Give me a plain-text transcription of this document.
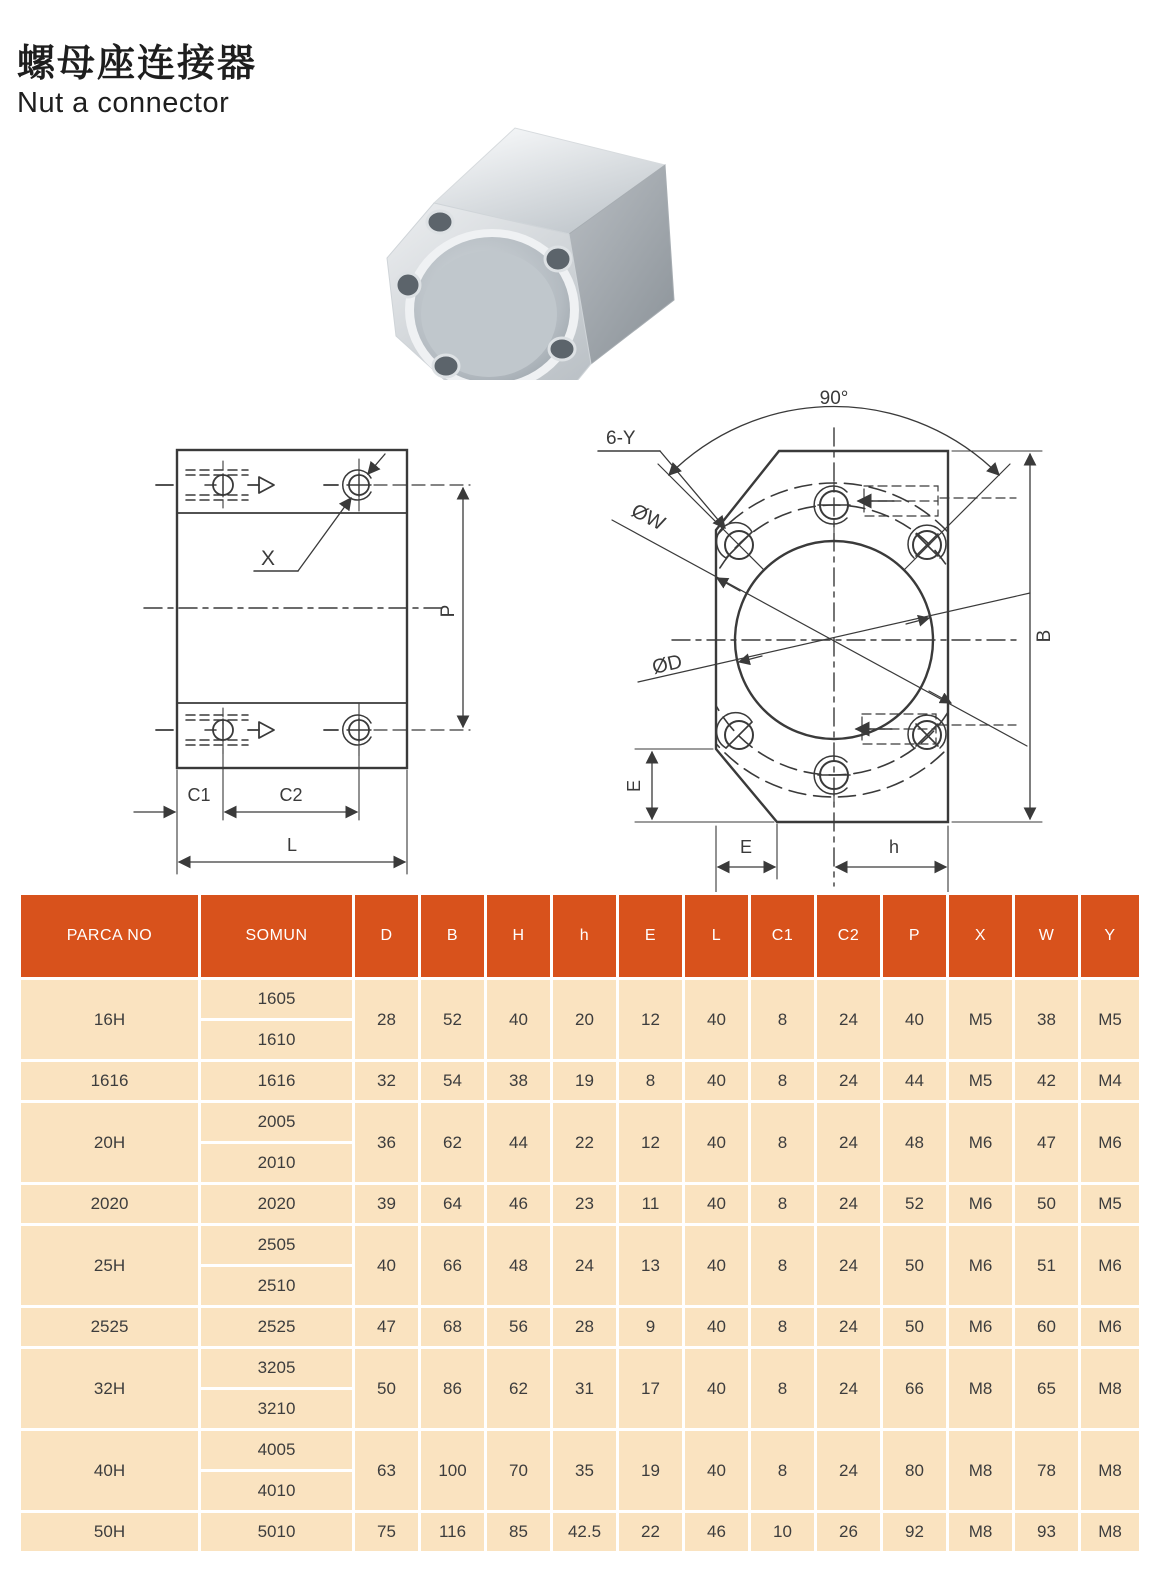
螺母座连接器
Nut a connector
X
P
C1	C2
L
90°
6-Y
ØW
ØD
B
E
E	h
PARCA NO	SOMUN	D	B	H	h	E	L	C1	C2	P	X	W	Y
16H	1605	28	52	40	20	12	40	8	24	40	M5	38	M5
	1610												
1616	1616	32	54	38	19	8	40	8	24	44	M5	42	M4
20H	2005	36	62	44	22	12	40	8	24	48	M6	47	M6
	2010												
2020	2020	39	64	46	23	11	40	8	24	52	M6	50	M5
25H	2505	40	66	48	24	13	40	8	24	50	M6	51	M6
	2510												
2525	2525	47	68	56	28	9	40	8	24	50	M6	60	M6
32H	3205	50	86	62	31	17	40	8	24	66	M8	65	M8
	3210												
40H	4005	63	100	70	35	19	40	8	24	80	M8	78	M8
	4010												
50H	5010	75	116	85	42.5	22	46	10	26	92	M8	93	M8
